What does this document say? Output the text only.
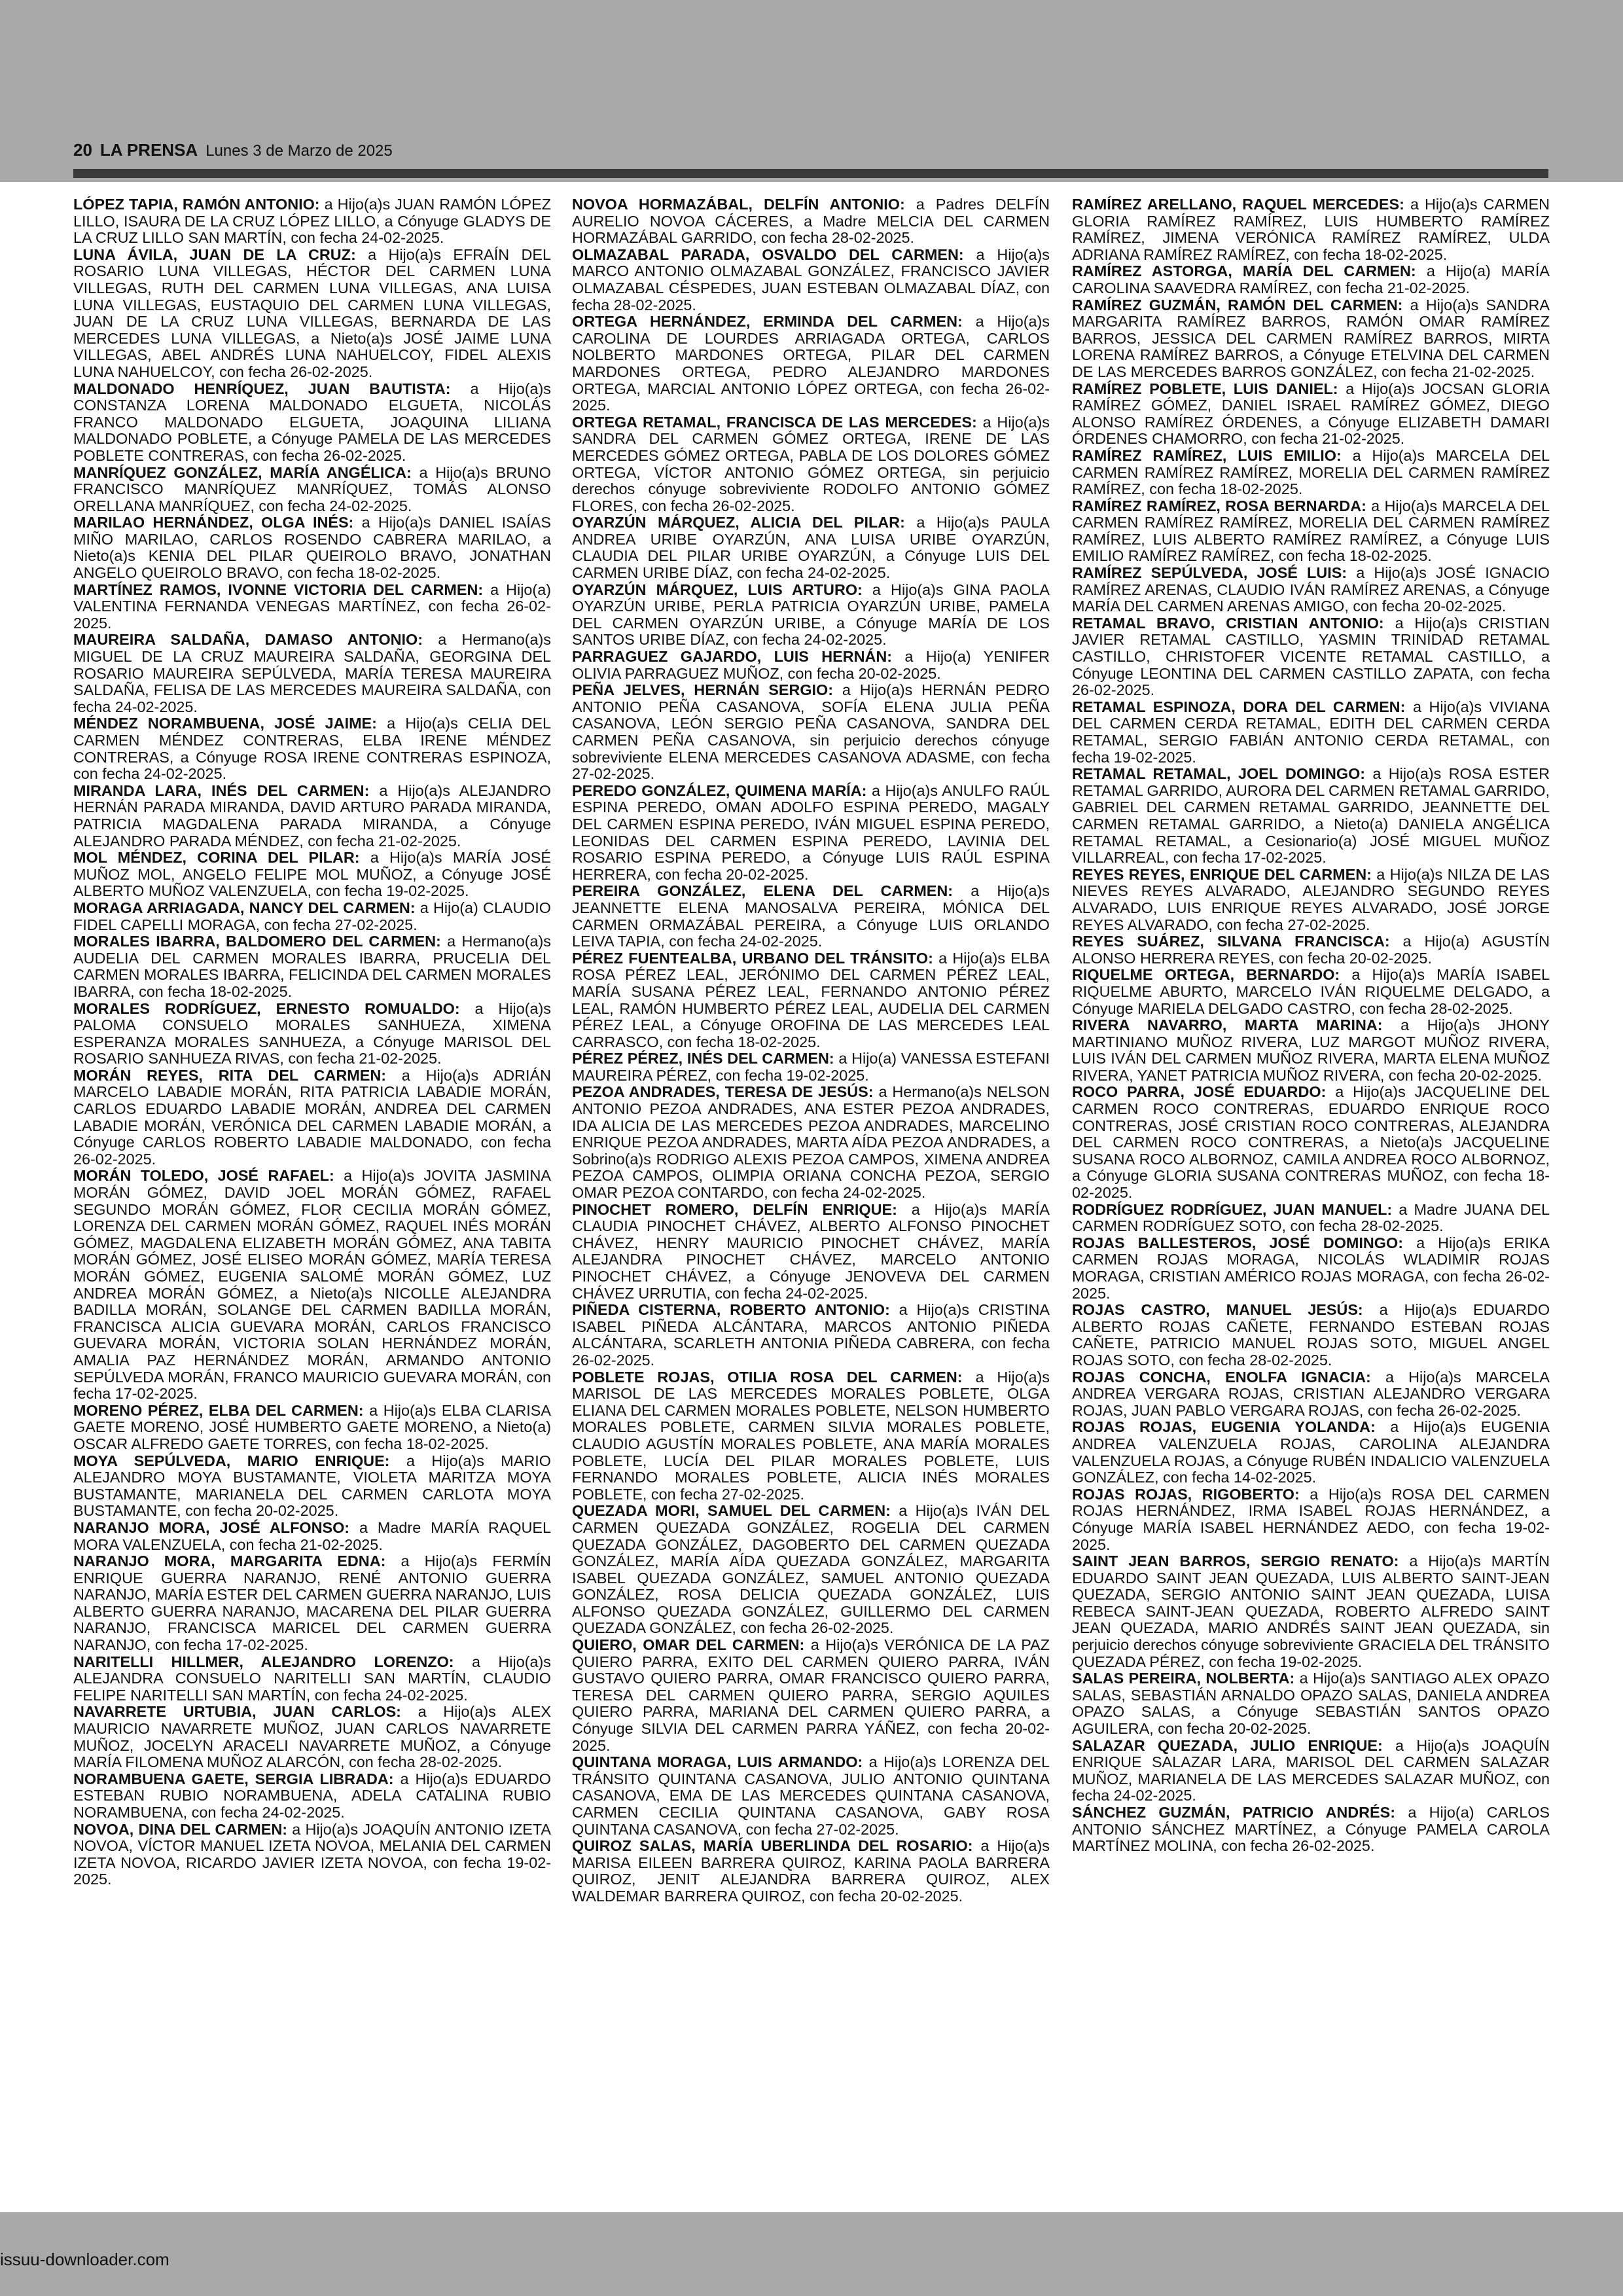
20 LA PRENSA Lunes 3 de Marzo de 2025

LÓPEZ TAPIA, RAMÓN ANTONIO: a Hijo(a)s JUAN RAMÓN LÓPEZ LILLO, ISAURA DE LA CRUZ LÓPEZ LILLO, a Cónyuge GLADYS DE LA CRUZ LILLO SAN MARTÍN, con fecha 24-02-2025.

LUNA ÁVILA, JUAN DE LA CRUZ: a Hijo(a)s EFRAÍN DEL ROSARIO LUNA VILLEGAS, HÉCTOR DEL CARMEN LUNA VILLEGAS, RUTH DEL CARMEN LUNA VILLEGAS, ANA LUISA LUNA VILLEGAS, EUSTAQUIO DEL CARMEN LUNA VILLEGAS, JUAN DE LA CRUZ LUNA VILLEGAS, BERNARDA DE LAS MERCEDES LUNA VILLEGAS, a Nieto(a)s JOSÉ JAIME LUNA VILLEGAS, ABEL ANDRÉS LUNA NAHUELCOY, FIDEL ALEXIS LUNA NAHUELCOY, con fecha 26-02-2025.

MALDONADO HENRÍQUEZ, JUAN BAUTISTA: a Hijo(a)s CONSTANZA LORENA MALDONADO ELGUETA, NICOLÁS FRANCO MALDONADO ELGUETA, JOAQUINA LILIANA MALDONADO POBLETE, a Cónyuge PAMELA DE LAS MERCEDES POBLETE CONTRERAS, con fecha 26-02-2025.

MANRÍQUEZ GONZÁLEZ, MARÍA ANGÉLICA: a Hijo(a)s BRUNO FRANCISCO MANRÍQUEZ MANRÍQUEZ, TOMÁS ALONSO ORELLANA MANRÍQUEZ, con fecha 24-02-2025.

MARILAO HERNÁNDEZ, OLGA INÉS: a Hijo(a)s DANIEL ISAÍAS MIÑO MARILAO, CARLOS ROSENDO CABRERA MARILAO, a Nieto(a)s KENIA DEL PILAR QUEIROLO BRAVO, JONATHAN ANGELO QUEIROLO BRAVO, con fecha 18-02-2025.

MARTÍNEZ RAMOS, IVONNE VICTORIA DEL CARMEN: a Hijo(a) VALENTINA FERNANDA VENEGAS MARTÍNEZ, con fecha 26-02-2025.

MAUREIRA SALDAÑA, DAMASO ANTONIO: a Hermano(a)s MIGUEL DE LA CRUZ MAUREIRA SALDAÑA, GEORGINA DEL ROSARIO MAUREIRA SEPÚLVEDA, MARÍA TERESA MAUREIRA SALDAÑA, FELISA DE LAS MERCEDES MAUREIRA SALDAÑA, con fecha 24-02-2025.

MÉNDEZ NORAMBUENA, JOSÉ JAIME: a Hijo(a)s CELIA DEL CARMEN MÉNDEZ CONTRERAS, ELBA IRENE MÉNDEZ CONTRERAS, a Cónyuge ROSA IRENE CONTRERAS ESPINOZA, con fecha 24-02-2025.

MIRANDA LARA, INÉS DEL CARMEN: a Hijo(a)s ALEJANDRO HERNÁN PARADA MIRANDA, DAVID ARTURO PARADA MIRANDA, PATRICIA MAGDALENA PARADA MIRANDA, a Cónyuge ALEJANDRO PARADA MÉNDEZ, con fecha 21-02-2025.

MOL MÉNDEZ, CORINA DEL PILAR: a Hijo(a)s MARÍA JOSÉ MUÑOZ MOL, ANGELO FELIPE MOL MUÑOZ, a Cónyuge JOSÉ ALBERTO MUÑOZ VALENZUELA, con fecha 19-02-2025.

MORAGA ARRIAGADA, NANCY DEL CARMEN: a Hijo(a) CLAUDIO FIDEL CAPELLI MORAGA, con fecha 27-02-2025.

MORALES IBARRA, BALDOMERO DEL CARMEN: a Hermano(a)s AUDELIA DEL CARMEN MORALES IBARRA, PRUCELIA DEL CARMEN MORALES IBARRA, FELICINDA DEL CARMEN MORALES IBARRA, con fecha 18-02-2025.

MORALES RODRÍGUEZ, ERNESTO ROMUALDO: a Hijo(a)s PALOMA CONSUELO MORALES SANHUEZA, XIMENA ESPERANZA MORALES SANHUEZA, a Cónyuge MARISOL DEL ROSARIO SANHUEZA RIVAS, con fecha 21-02-2025.

MORÁN REYES, RITA DEL CARMEN: a Hijo(a)s ADRIÁN MARCELO LABADIE MORÁN, RITA PATRICIA LABADIE MORÁN, CARLOS EDUARDO LABADIE MORÁN, ANDREA DEL CARMEN LABADIE MORÁN, VERÓNICA DEL CARMEN LABADIE MORÁN, a Cónyuge CARLOS ROBERTO LABADIE MALDONADO, con fecha 26-02-2025.

MORÁN TOLEDO, JOSÉ RAFAEL: a Hijo(a)s JOVITA JASMINA MORÁN GÓMEZ, DAVID JOEL MORÁN GÓMEZ, RAFAEL SEGUNDO MORÁN GÓMEZ, FLOR CECILIA MORÁN GÓMEZ, LORENZA DEL CARMEN MORÁN GÓMEZ, RAQUEL INÉS MORÁN GÓMEZ, MAGDALENA ELIZABETH MORÁN GÓMEZ, ANA TABITA MORÁN GÓMEZ, JOSÉ ELISEO MORÁN GÓMEZ, MARÍA TERESA MORÁN GÓMEZ, EUGENIA SALOMÉ MORÁN GÓMEZ, LUZ ANDREA MORÁN GÓMEZ, a Nieto(a)s NICOLLE ALEJANDRA BADILLA MORÁN, SOLANGE DEL CARMEN BADILLA MORÁN, FRANCISCA ALICIA GUEVARA MORÁN, CARLOS FRANCISCO GUEVARA MORÁN, VICTORIA SOLAN HERNÁNDEZ MORÁN, AMALIA PAZ HERNÁNDEZ MORÁN, ARMANDO ANTONIO SEPÚLVEDA MORÁN, FRANCO MAURICIO GUEVARA MORÁN, con fecha 17-02-2025.

MORENO PÉREZ, ELBA DEL CARMEN: a Hijo(a)s ELBA CLARISA GAETE MORENO, JOSÉ HUMBERTO GAETE MORENO, a Nieto(a) OSCAR ALFREDO GAETE TORRES, con fecha 18-02-2025.

MOYA SEPÚLVEDA, MARIO ENRIQUE: a Hijo(a)s MARIO ALEJANDRO MOYA BUSTAMANTE, VIOLETA MARITZA MOYA BUSTAMANTE, MARIANELA DEL CARMEN CARLOTA MOYA BUSTAMANTE, con fecha 20-02-2025.

NARANJO MORA, JOSÉ ALFONSO: a Madre MARÍA RAQUEL MORA VALENZUELA, con fecha 21-02-2025.

NARANJO MORA, MARGARITA EDNA: a Hijo(a)s FERMÍN ENRIQUE GUERRA NARANJO, RENÉ ANTONIO GUERRA NARANJO, MARÍA ESTER DEL CARMEN GUERRA NARANJO, LUIS ALBERTO GUERRA NARANJO, MACARENA DEL PILAR GUERRA NARANJO, FRANCISCA MARICEL DEL CARMEN GUERRA NARANJO, con fecha 17-02-2025.

NARITELLI HILLMER, ALEJANDRO LORENZO: a Hijo(a)s ALEJANDRA CONSUELO NARITELLI SAN MARTÍN, CLAUDIO FELIPE NARITELLI SAN MARTÍN, con fecha 24-02-2025.

NAVARRETE URTUBIA, JUAN CARLOS: a Hijo(a)s ALEX MAURICIO NAVARRETE MUÑOZ, JUAN CARLOS NAVARRETE MUÑOZ, JOCELYN ARACELI NAVARRETE MUÑOZ, a Cónyuge MARÍA FILOMENA MUÑOZ ALARCÓN, con fecha 28-02-2025.

NORAMBUENA GAETE, SERGIA LIBRADA: a Hijo(a)s EDUARDO ESTEBAN RUBIO NORAMBUENA, ADELA CATALINA RUBIO NORAMBUENA, con fecha 24-02-2025.

NOVOA, DINA DEL CARMEN: a Hijo(a)s JOAQUÍN ANTONIO IZETA NOVOA, VÍCTOR MANUEL IZETA NOVOA, MELANIA DEL CARMEN IZETA NOVOA, RICARDO JAVIER IZETA NOVOA, con fecha 19-02-2025.

NOVOA HORMAZÁBAL, DELFÍN ANTONIO: a Padres DELFÍN AURELIO NOVOA CÁCERES, a Madre MELCIA DEL CARMEN HORMAZÁBAL GARRIDO, con fecha 28-02-2025.

OLMAZABAL PARADA, OSVALDO DEL CARMEN: a Hijo(a)s MARCO ANTONIO OLMAZABAL GONZÁLEZ, FRANCISCO JAVIER OLMAZABAL CÉSPEDES, JUAN ESTEBAN OLMAZABAL DÍAZ, con fecha 28-02-2025.

ORTEGA HERNÁNDEZ, ERMINDA DEL CARMEN: a Hijo(a)s CAROLINA DE LOURDES ARRIAGADA ORTEGA, CARLOS NOLBERTO MARDONES ORTEGA, PILAR DEL CARMEN MARDONES ORTEGA, PEDRO ALEJANDRO MARDONES ORTEGA, MARCIAL ANTONIO LÓPEZ ORTEGA, con fecha 26-02-2025.

ORTEGA RETAMAL, FRANCISCA DE LAS MERCEDES: a Hijo(a)s SANDRA DEL CARMEN GÓMEZ ORTEGA, IRENE DE LAS MERCEDES GÓMEZ ORTEGA, PABLA DE LOS DOLORES GÓMEZ ORTEGA, VÍCTOR ANTONIO GÓMEZ ORTEGA, sin perjuicio derechos cónyuge sobreviviente RODOLFO ANTONIO GÓMEZ FLORES, con fecha 26-02-2025.

OYARZÚN MÁRQUEZ, ALICIA DEL PILAR: a Hijo(a)s PAULA ANDREA URIBE OYARZÚN, ANA LUISA URIBE OYARZÚN, CLAUDIA DEL PILAR URIBE OYARZÚN, a Cónyuge LUIS DEL CARMEN URIBE DÍAZ, con fecha 24-02-2025.

OYARZÚN MÁRQUEZ, LUIS ARTURO: a Hijo(a)s GINA PAOLA OYARZÚN URIBE, PERLA PATRICIA OYARZÚN URIBE, PAMELA DEL CARMEN OYARZÚN URIBE, a Cónyuge MARÍA DE LOS SANTOS URIBE DÍAZ, con fecha 24-02-2025.

PARRAGUEZ GAJARDO, LUIS HERNÁN: a Hijo(a) YENIFER OLIVIA PARRAGUEZ MUÑOZ, con fecha 20-02-2025.

PEÑA JELVES, HERNÁN SERGIO: a Hijo(a)s HERNÁN PEDRO ANTONIO PEÑA CASANOVA, SOFÍA ELENA JULIA PEÑA CASANOVA, LEÓN SERGIO PEÑA CASANOVA, SANDRA DEL CARMEN PEÑA CASANOVA, sin perjuicio derechos cónyuge sobreviviente ELENA MERCEDES CASANOVA ADASME, con fecha 27-02-2025.

PEREDO GONZÁLEZ, QUIMENA MARÍA: a Hijo(a)s ANULFO RAÚL ESPINA PEREDO, OMAN ADOLFO ESPINA PEREDO, MAGALY DEL CARMEN ESPINA PEREDO, IVÁN MIGUEL ESPINA PEREDO, LEONIDAS DEL CARMEN ESPINA PEREDO, LAVINIA DEL ROSARIO ESPINA PEREDO, a Cónyuge LUIS RAÚL ESPINA HERRERA, con fecha 20-02-2025.

PEREIRA GONZÁLEZ, ELENA DEL CARMEN: a Hijo(a)s JEANNETTE ELENA MANOSALVA PEREIRA, MÓNICA DEL CARMEN ORMAZÁBAL PEREIRA, a Cónyuge LUIS ORLANDO LEIVA TAPIA, con fecha 24-02-2025.

PÉREZ FUENTEALBA, URBANO DEL TRÁNSITO: a Hijo(a)s ELBA ROSA PÉREZ LEAL, JERÓNIMO DEL CARMEN PÉREZ LEAL, MARÍA SUSANA PÉREZ LEAL, FERNANDO ANTONIO PÉREZ LEAL, RAMÓN HUMBERTO PÉREZ LEAL, AUDELIA DEL CARMEN PÉREZ LEAL, a Cónyuge OROFINA DE LAS MERCEDES LEAL CARRASCO, con fecha 18-02-2025.

PÉREZ PÉREZ, INÉS DEL CARMEN: a Hijo(a) VANESSA ESTEFANI MAUREIRA PÉREZ, con fecha 19-02-2025.

PEZOA ANDRADES, TERESA DE JESÚS: a Hermano(a)s NELSON ANTONIO PEZOA ANDRADES, ANA ESTER PEZOA ANDRADES, IDA ALICIA DE LAS MERCEDES PEZOA ANDRADES, MARCELINO ENRIQUE PEZOA ANDRADES, MARTA AÍDA PEZOA ANDRADES, a Sobrino(a)s RODRIGO ALEXIS PEZOA CAMPOS, XIMENA ANDREA PEZOA CAMPOS, OLIMPIA ORIANA CONCHA PEZOA, SERGIO OMAR PEZOA CONTARDO, con fecha 24-02-2025.

PINOCHET ROMERO, DELFÍN ENRIQUE: a Hijo(a)s MARÍA CLAUDIA PINOCHET CHÁVEZ, ALBERTO ALFONSO PINOCHET CHÁVEZ, HENRY MAURICIO PINOCHET CHÁVEZ, MARÍA ALEJANDRA PINOCHET CHÁVEZ, MARCELO ANTONIO PINOCHET CHÁVEZ, a Cónyuge JENOVEVA DEL CARMEN CHÁVEZ URRUTIA, con fecha 24-02-2025.

PIÑEDA CISTERNA, ROBERTO ANTONIO: a Hijo(a)s CRISTINA ISABEL PIÑEDA ALCÁNTARA, MARCOS ANTONIO PIÑEDA ALCÁNTARA, SCARLETH ANTONIA PIÑEDA CABRERA, con fecha 26-02-2025.

POBLETE ROJAS, OTILIA ROSA DEL CARMEN: a Hijo(a)s MARISOL DE LAS MERCEDES MORALES POBLETE, OLGA ELIANA DEL CARMEN MORALES POBLETE, NELSON HUMBERTO MORALES POBLETE, CARMEN SILVIA MORALES POBLETE, CLAUDIO AGUSTÍN MORALES POBLETE, ANA MARÍA MORALES POBLETE, LUCÍA DEL PILAR MORALES POBLETE, LUIS FERNANDO MORALES POBLETE, ALICIA INÉS MORALES POBLETE, con fecha 27-02-2025.

QUEZADA MORI, SAMUEL DEL CARMEN: a Hijo(a)s IVÁN DEL CARMEN QUEZADA GONZÁLEZ, ROGELIA DEL CARMEN QUEZADA GONZÁLEZ, DAGOBERTO DEL CARMEN QUEZADA GONZÁLEZ, MARÍA AÍDA QUEZADA GONZÁLEZ, MARGARITA ISABEL QUEZADA GONZÁLEZ, SAMUEL ANTONIO QUEZADA GONZÁLEZ, ROSA DELICIA QUEZADA GONZÁLEZ, LUIS ALFONSO QUEZADA GONZÁLEZ, GUILLERMO DEL CARMEN QUEZADA GONZÁLEZ, con fecha 26-02-2025.

QUIERO, OMAR DEL CARMEN: a Hijo(a)s VERÓNICA DE LA PAZ QUIERO PARRA, EXITO DEL CARMEN QUIERO PARRA, IVÁN GUSTAVO QUIERO PARRA, OMAR FRANCISCO QUIERO PARRA, TERESA DEL CARMEN QUIERO PARRA, SERGIO AQUILES QUIERO PARRA, MARIANA DEL CARMEN QUIERO PARRA, a Cónyuge SILVIA DEL CARMEN PARRA YÁÑEZ, con fecha 20-02-2025.

QUINTANA MORAGA, LUIS ARMANDO: a Hijo(a)s LORENZA DEL TRÁNSITO QUINTANA CASANOVA, JULIO ANTONIO QUINTANA CASANOVA, EMA DE LAS MERCEDES QUINTANA CASANOVA, CARMEN CECILIA QUINTANA CASANOVA, GABY ROSA QUINTANA CASANOVA, con fecha 27-02-2025.

QUIROZ SALAS, MARÍA UBERLINDA DEL ROSARIO: a Hijo(a)s MARISA EILEEN BARRERA QUIROZ, KARINA PAOLA BARRERA QUIROZ, JENIT ALEJANDRA BARRERA QUIROZ, ALEX WALDEMAR BARRERA QUIROZ, con fecha 20-02-2025.

RAMÍREZ ARELLANO, RAQUEL MERCEDES: a Hijo(a)s CARMEN GLORIA RAMÍREZ RAMÍREZ, LUIS HUMBERTO RAMÍREZ RAMÍREZ, JIMENA VERÓNICA RAMÍREZ RAMÍREZ, ULDA ADRIANA RAMÍREZ RAMÍREZ, con fecha 18-02-2025.

RAMÍREZ ASTORGA, MARÍA DEL CARMEN: a Hijo(a) MARÍA CAROLINA SAAVEDRA RAMÍREZ, con fecha 21-02-2025.

RAMÍREZ GUZMÁN, RAMÓN DEL CARMEN: a Hijo(a)s SANDRA MARGARITA RAMÍREZ BARROS, RAMÓN OMAR RAMÍREZ BARROS, JESSICA DEL CARMEN RAMÍREZ BARROS, MIRTA LORENA RAMÍREZ BARROS, a Cónyuge ETELVINA DEL CARMEN DE LAS MERCEDES BARROS GONZÁLEZ, con fecha 21-02-2025.

RAMÍREZ POBLETE, LUIS DANIEL: a Hijo(a)s JOCSAN GLORIA RAMÍREZ GÓMEZ, DANIEL ISRAEL RAMÍREZ GÓMEZ, DIEGO ALONSO RAMÍREZ ÓRDENES, a Cónyuge ELIZABETH DAMARI ÓRDENES CHAMORRO, con fecha 21-02-2025.

RAMÍREZ RAMÍREZ, LUIS EMILIO: a Hijo(a)s MARCELA DEL CARMEN RAMÍREZ RAMÍREZ, MORELIA DEL CARMEN RAMÍREZ RAMÍREZ, con fecha 18-02-2025.

RAMÍREZ RAMÍREZ, ROSA BERNARDA: a Hijo(a)s MARCELA DEL CARMEN RAMÍREZ RAMÍREZ, MORELIA DEL CARMEN RAMÍREZ RAMÍREZ, LUIS ALBERTO RAMÍREZ RAMÍREZ, a Cónyuge LUIS EMILIO RAMÍREZ RAMÍREZ, con fecha 18-02-2025.

RAMÍREZ SEPÚLVEDA, JOSÉ LUIS: a Hijo(a)s JOSÉ IGNACIO RAMÍREZ ARENAS, CLAUDIO IVÁN RAMÍREZ ARENAS, a Cónyuge MARÍA DEL CARMEN ARENAS AMIGO, con fecha 20-02-2025.

RETAMAL BRAVO, CRISTIAN ANTONIO: a Hijo(a)s CRISTIAN JAVIER RETAMAL CASTILLO, YASMIN TRINIDAD RETAMAL CASTILLO, CHRISTOFER VICENTE RETAMAL CASTILLO, a Cónyuge LEONTINA DEL CARMEN CASTILLO ZAPATA, con fecha 26-02-2025.

RETAMAL ESPINOZA, DORA DEL CARMEN: a Hijo(a)s VIVIANA DEL CARMEN CERDA RETAMAL, EDITH DEL CARMEN CERDA RETAMAL, SERGIO FABIÁN ANTONIO CERDA RETAMAL, con fecha 19-02-2025.

RETAMAL RETAMAL, JOEL DOMINGO: a Hijo(a)s ROSA ESTER RETAMAL GARRIDO, AURORA DEL CARMEN RETAMAL GARRIDO, GABRIEL DEL CARMEN RETAMAL GARRIDO, JEANNETTE DEL CARMEN RETAMAL GARRIDO, a Nieto(a) DANIELA ANGÉLICA RETAMAL RETAMAL, a Cesionario(a) JOSÉ MIGUEL MUÑOZ VILLARREAL, con fecha 17-02-2025.

REYES REYES, ENRIQUE DEL CARMEN: a Hijo(a)s NILZA DE LAS NIEVES REYES ALVARADO, ALEJANDRO SEGUNDO REYES ALVARADO, LUIS ENRIQUE REYES ALVARADO, JOSÉ JORGE REYES ALVARADO, con fecha 27-02-2025.

REYES SUÁREZ, SILVANA FRANCISCA: a Hijo(a) AGUSTÍN ALONSO HERRERA REYES, con fecha 20-02-2025.

RIQUELME ORTEGA, BERNARDO: a Hijo(a)s MARÍA ISABEL RIQUELME ABURTO, MARCELO IVÁN RIQUELME DELGADO, a Cónyuge MARIELA DELGADO CASTRO, con fecha 28-02-2025.

RIVERA NAVARRO, MARTA MARINA: a Hijo(a)s JHONY MARTINIANO MUÑOZ RIVERA, LUZ MARGOT MUÑOZ RIVERA, LUIS IVÁN DEL CARMEN MUÑOZ RIVERA, MARTA ELENA MUÑOZ RIVERA, YANET PATRICIA MUÑOZ RIVERA, con fecha 20-02-2025.

ROCO PARRA, JOSÉ EDUARDO: a Hijo(a)s JACQUELINE DEL CARMEN ROCO CONTRERAS, EDUARDO ENRIQUE ROCO CONTRERAS, JOSÉ CRISTIAN ROCO CONTRERAS, ALEJANDRA DEL CARMEN ROCO CONTRERAS, a Nieto(a)s JACQUELINE SUSANA ROCO ALBORNOZ, CAMILA ANDREA ROCO ALBORNOZ, a Cónyuge GLORIA SUSANA CONTRERAS MUÑOZ, con fecha 18-02-2025.

RODRÍGUEZ RODRÍGUEZ, JUAN MANUEL: a Madre JUANA DEL CARMEN RODRÍGUEZ SOTO, con fecha 28-02-2025.

ROJAS BALLESTEROS, JOSÉ DOMINGO: a Hijo(a)s ERIKA CARMEN ROJAS MORAGA, NICOLÁS WLADIMIR ROJAS MORAGA, CRISTIAN AMÉRICO ROJAS MORAGA, con fecha 26-02-2025.

ROJAS CASTRO, MANUEL JESÚS: a Hijo(a)s EDUARDO ALBERTO ROJAS CAÑETE, FERNANDO ESTEBAN ROJAS CAÑETE, PATRICIO MANUEL ROJAS SOTO, MIGUEL ANGEL ROJAS SOTO, con fecha 28-02-2025.

ROJAS CONCHA, ENOLFA IGNACIA: a Hijo(a)s MARCELA ANDREA VERGARA ROJAS, CRISTIAN ALEJANDRO VERGARA ROJAS, JUAN PABLO VERGARA ROJAS, con fecha 26-02-2025.

ROJAS ROJAS, EUGENIA YOLANDA: a Hijo(a)s EUGENIA ANDREA VALENZUELA ROJAS, CAROLINA ALEJANDRA VALENZUELA ROJAS, a Cónyuge RUBÉN INDALICIO VALENZUELA GONZÁLEZ, con fecha 14-02-2025.

ROJAS ROJAS, RIGOBERTO: a Hijo(a)s ROSA DEL CARMEN ROJAS HERNÁNDEZ, IRMA ISABEL ROJAS HERNÁNDEZ, a Cónyuge MARÍA ISABEL HERNÁNDEZ AEDO, con fecha 19-02-2025.

SAINT JEAN BARROS, SERGIO RENATO: a Hijo(a)s MARTÍN EDUARDO SAINT JEAN QUEZADA, LUIS ALBERTO SAINT-JEAN QUEZADA, SERGIO ANTONIO SAINT JEAN QUEZADA, LUISA REBECA SAINT-JEAN QUEZADA, ROBERTO ALFREDO SAINT JEAN QUEZADA, MARIO ANDRÉS SAINT JEAN QUEZADA, sin perjuicio derechos cónyuge sobreviviente GRACIELA DEL TRÁNSITO QUEZADA PÉREZ, con fecha 19-02-2025.

SALAS PEREIRA, NOLBERTA: a Hijo(a)s SANTIAGO ALEX OPAZO SALAS, SEBASTIÁN ARNALDO OPAZO SALAS, DANIELA ANDREA OPAZO SALAS, a Cónyuge SEBASTIÁN SANTOS OPAZO AGUILERA, con fecha 20-02-2025.

SALAZAR QUEZADA, JULIO ENRIQUE: a Hijo(a)s JOAQUÍN ENRIQUE SALAZAR LARA, MARISOL DEL CARMEN SALAZAR MUÑOZ, MARIANELA DE LAS MERCEDES SALAZAR MUÑOZ, con fecha 24-02-2025.

SÁNCHEZ GUZMÁN, PATRICIO ANDRÉS: a Hijo(a) CARLOS ANTONIO SÁNCHEZ MARTÍNEZ, a Cónyuge PAMELA CAROLA MARTÍNEZ MOLINA, con fecha 26-02-2025.

issuu-downloader.com
